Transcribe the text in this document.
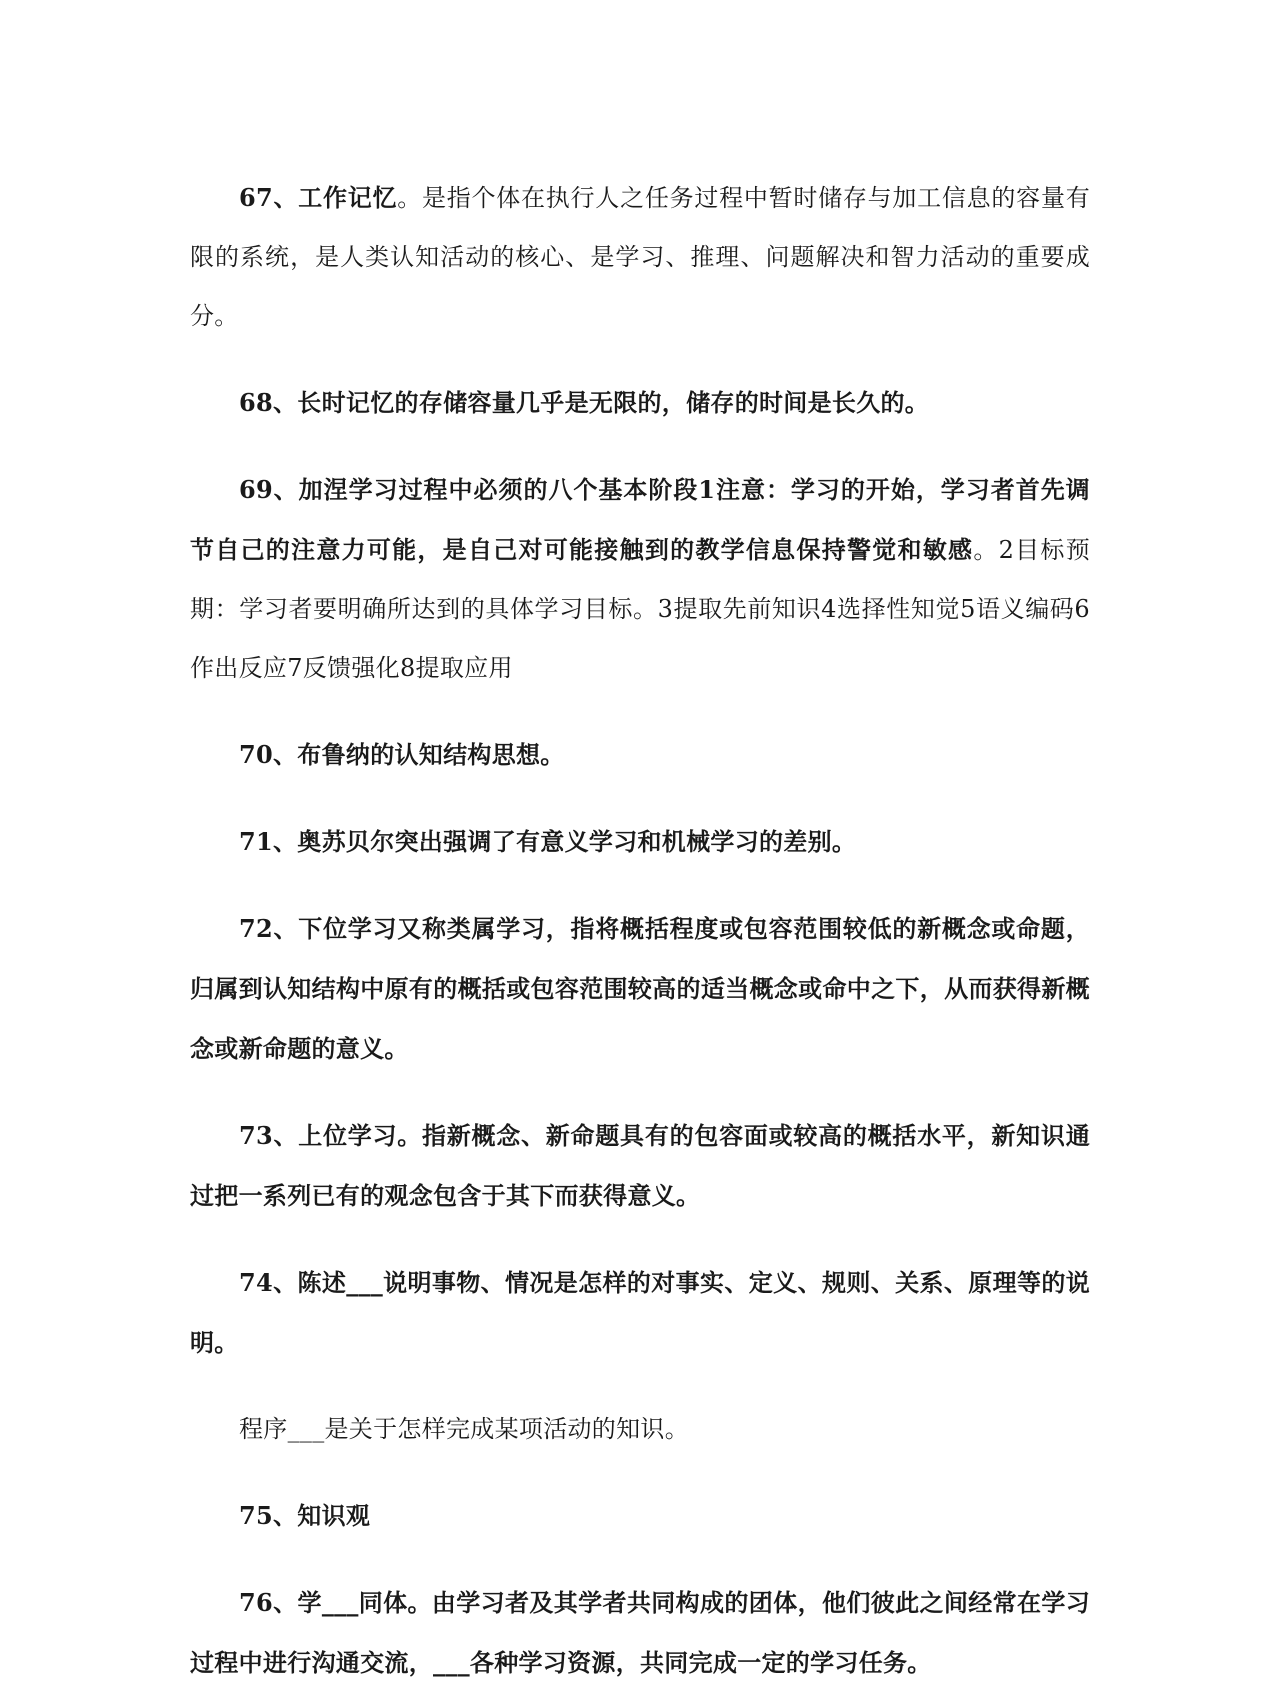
67、工作记忆。是指个体在执行人之任务过程中暂时储存与加工信息的容量有限的系统，是人类认知活动的核心、是学习、推理、问题解决和智力活动的重要成分。

68、长时记忆的存储容量几乎是无限的，储存的时间是长久的。

69、加涅学习过程中必须的八个基本阶段1注意：学习的开始，学习者首先调节自己的注意力可能，是自己对可能接触到的教学信息保持警觉和敏感。2目标预期：学习者要明确所达到的具体学习目标。3提取先前知识4选择性知觉5语义编码6作出反应7反馈强化8提取应用

70、布鲁纳的认知结构思想。

71、奥苏贝尔突出强调了有意义学习和机械学习的差别。

72、下位学习又称类属学习，指将概括程度或包容范围较低的新概念或命题，归属到认知结构中原有的概括或包容范围较高的适当概念或命中之下，从而获得新概念或新命题的意义。

73、上位学习。指新概念、新命题具有的包容面或较高的概括水平，新知识通过把一系列已有的观念包含于其下而获得意义。

74、陈述___说明事物、情况是怎样的对事实、定义、规则、关系、原理等的说明。

程序___是关于怎样完成某项活动的知识。

75、知识观

76、学___同体。由学习者及其学者共同构成的团体，他们彼此之间经常在学习过程中进行沟通交流，___各种学习资源，共同完成一定的学习任务。
